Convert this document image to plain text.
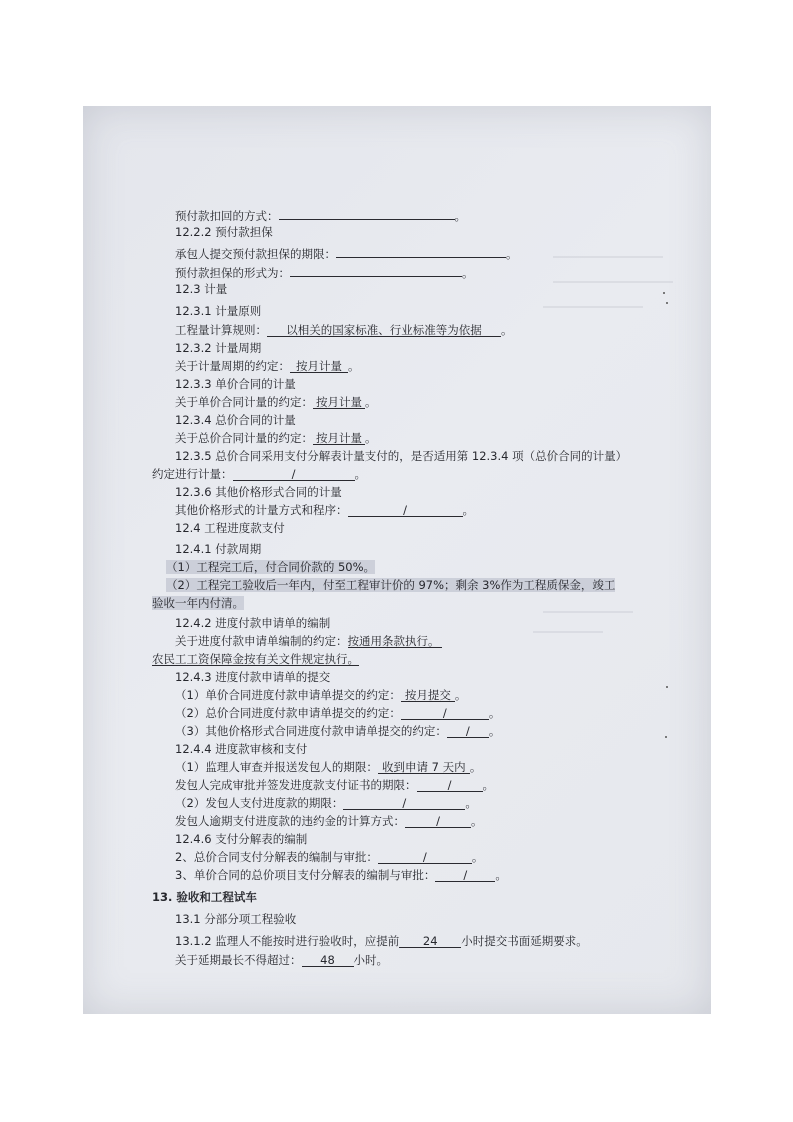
预付款扣回的方式：	。
12.2.2 预付款担保
承包人提交预付款担保的期限：	。
预付款担保的形式为：	。
12.3 计量
12.3.1 计量原则
工程量计算规则： 以相关的国家标准、行业标准等为依据 。
12.3.2 计量周期
关于计量周期的约定： 按月计量 。
12.3.3 单价合同的计量
关于单价合同计量的约定： 按月计量 。
12.3.4 总价合同的计量
关于总价合同计量的约定： 按月计量 。
12.3.5 总价合同采用支付分解表计量支付的，是否适用第 12.3.4 项（总价合同的计量）
约定进行计量：	/	。
12.3.6 其他价格形式合同的计量
其他价格形式的计量方式和程序：	/	。
12.4 工程进度款支付
12.4.1 付款周期
（1）工程完工后，付合同价款的 50%。
（2）工程完工验收后一年内，付至工程审计价的 97%；剩余 3%作为工程质保金，竣工
验收一年内付清。
12.4.2 进度付款申请单的编制
关于进度付款申请单编制的约定：按通用条款执行。
农民工工资保障金按有关文件规定执行。
12.4.3 进度付款申请单的提交
（1）单价合同进度付款申请单提交的约定： 按月提交 。
（2）总价合同进度付款申请单提交的约定：	/	。
（3）其他价格形式合同进度付款申请单提交的约定： / 。
12.4.4 进度款审核和支付
（1）监理人审查并报送发包人的期限： 收到申请 7 天内 。
发包人完成审批并签发进度款支付证书的期限：	/	。
（2）发包人支付进度款的期限：	/	。
发包人逾期支付进度款的违约金的计算方式：	/	。
12.4.6 支付分解表的编制
2、总价合同支付分解表的编制与审批：	/	。
3、单价合同的总价项目支付分解表的编制与审批： / 。
13. 验收和工程试车
13.1 分部分项工程验收
13.1.2 监理人不能按时进行验收时，应提前 24 小时提交书面延期要求。
关于延期最长不得超过： 48 小时。
